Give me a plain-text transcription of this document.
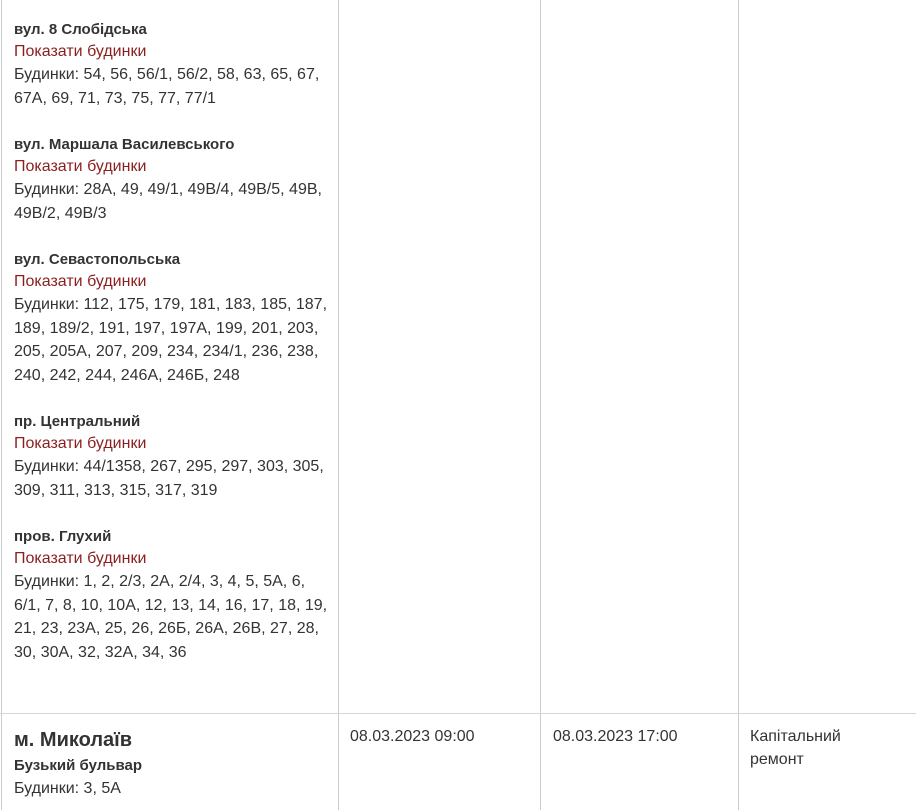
вул. 8 Слобідська
Показати будинки
Будинки: 54, 56, 56/1, 56/2, 58, 63, 65, 67, 67А, 69, 71, 73, 75, 77, 77/1
вул. Маршала Василевського
Показати будинки
Будинки: 28А, 49, 49/1, 49В/4, 49В/5, 49В, 49В/2, 49В/3
вул. Севастопольська
Показати будинки
Будинки: 112, 175, 179, 181, 183, 185, 187, 189, 189/2, 191, 197, 197А, 199, 201, 203, 205, 205А, 207, 209, 234, 234/1, 236, 238, 240, 242, 244, 246А, 246Б, 248
пр. Центральний
Показати будинки
Будинки: 44/1358, 267, 295, 297, 303, 305, 309, 311, 313, 315, 317, 319
пров. Глухий
Показати будинки
Будинки: 1, 2, 2/3, 2А, 2/4, 3, 4, 5, 5А, 6, 6/1, 7, 8, 10, 10А, 12, 13, 14, 16, 17, 18, 19, 21, 23, 23А, 25, 26, 26Б, 26А, 26В, 27, 28, 30, 30А, 32, 32А, 34, 36
м. Миколаїв
Бузький бульвар
Будинки: 3, 5А
08.03.2023 09:00	08.03.2023 17:00	Капітальний ремонт
